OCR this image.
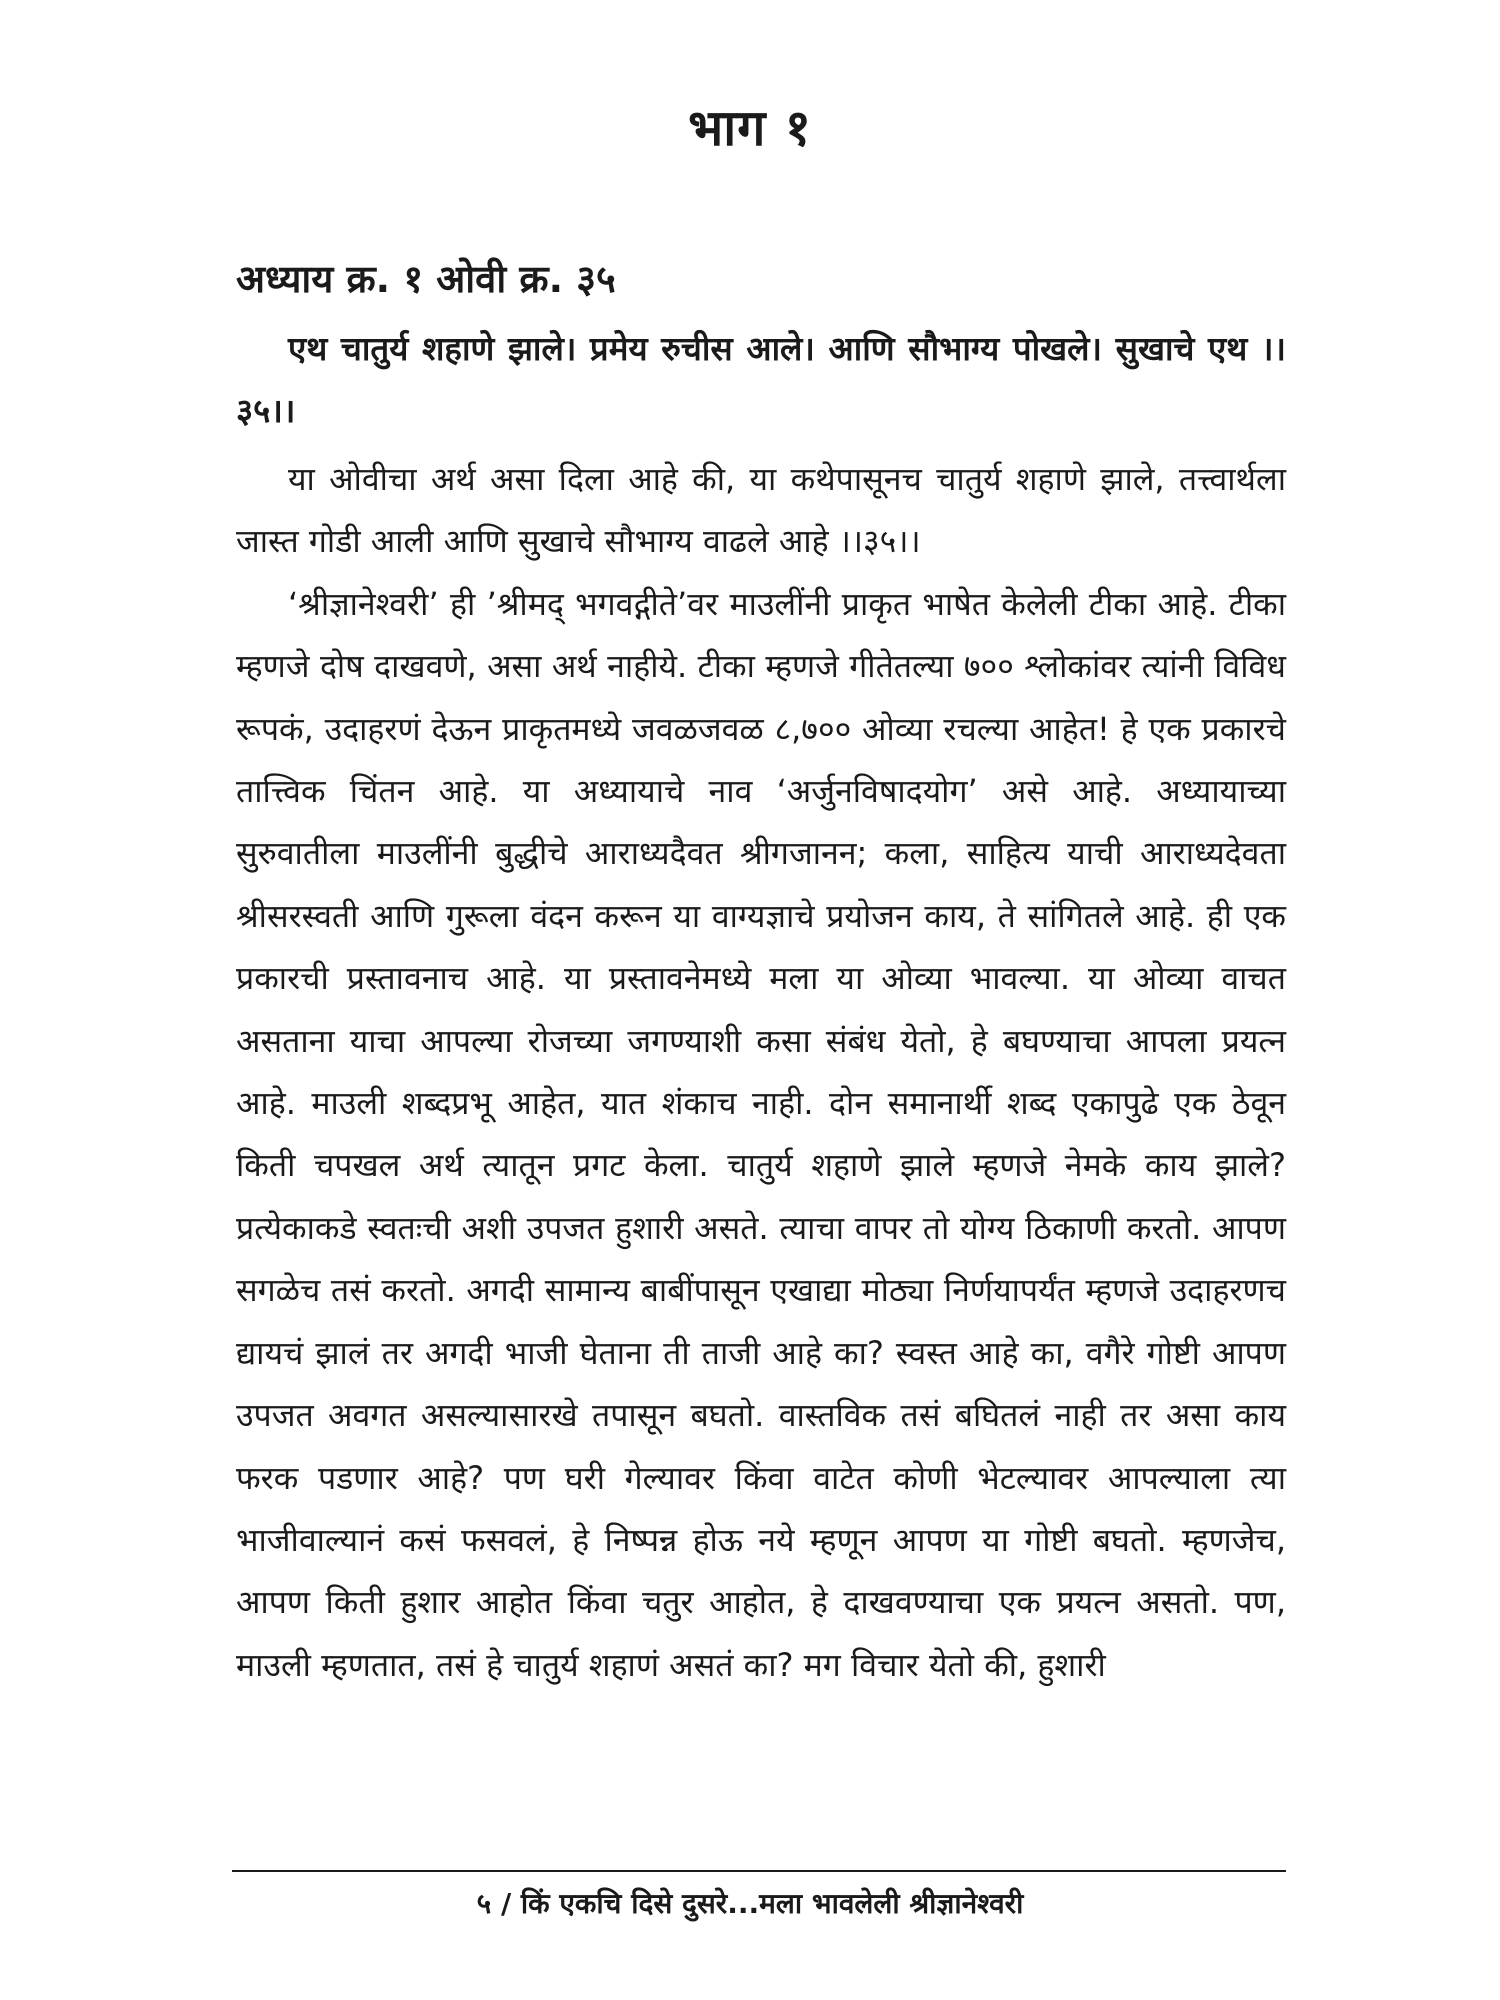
भाग १
अध्याय क्र. १ ओवी क्र. ३५
एथ चातुर्य शहाणे झाले। प्रमेय रुचीस आले। आणि सौभाग्य पोखले। सुखाचे एथ ।।३५।।

या ओवीचा अर्थ असा दिला आहे की, या कथेपासूनच चातुर्य शहाणे झाले, तत्त्वार्थला जास्त गोडी आली आणि सुखाचे सौभाग्य वाढले आहे ।।३५।।

‘श्रीज्ञानेश्वरी’ ही ’श्रीमद् भगवद्गीते’वर माउलींनी प्राकृत भाषेत केलेली टीका आहे. टीका म्हणजे दोष दाखवणे, असा अर्थ नाहीये. टीका म्हणजे गीतेतल्या ७०० श्लोकांवर त्यांनी विविध रूपकं, उदाहरणं देऊन प्राकृतमध्ये जवळजवळ ८,७०० ओव्या रचल्या आहेत! हे एक प्रकारचे तात्त्विक चिंतन आहे. या अध्यायाचे नाव ‘अर्जुनविषादयोग’ असे आहे. अध्यायाच्या सुरुवातीला माउलींनी बुद्धीचे आराध्यदैवत श्रीगजानन; कला, साहित्य याची आराध्यदेवता श्रीसरस्वती आणि गुरूला वंदन करून या वाग्यज्ञाचे प्रयोजन काय, ते सांगितले आहे. ही एक प्रकारची प्रस्तावनाच आहे. या प्रस्तावनेमध्ये मला या ओव्या भावल्या. या ओव्या वाचत असताना याचा आपल्या रोजच्या जगण्याशी कसा संबंध येतो, हे बघण्याचा आपला प्रयत्न आहे. माउली शब्दप्रभू आहेत, यात शंकाच नाही. दोन समानार्थी शब्द एकापुढे एक ठेवून किती चपखल अर्थ त्यातून प्रगट केला. चातुर्य शहाणे झाले म्हणजे नेमके काय झाले? प्रत्येकाकडे स्वतःची अशी उपजत हुशारी असते. त्याचा वापर तो योग्य ठिकाणी करतो. आपण सगळेच तसं करतो. अगदी सामान्य बाबींपासून एखाद्या मोठ्या निर्णयापर्यंत म्हणजे उदाहरणच द्यायचं झालं तर अगदी भाजी घेताना ती ताजी आहे का? स्वस्त आहे का, वगैरे गोष्टी आपण उपजत अवगत असल्यासारखे तपासून बघतो. वास्तविक तसं बघितलं नाही तर असा काय फरक पडणार आहे? पण घरी गेल्यावर किंवा वाटेत कोणी भेटल्यावर आपल्याला त्या भाजीवाल्यानं कसं फसवलं, हे निष्पन्न होऊ नये म्हणून आपण या गोष्टी बघतो. म्हणजेच, आपण किती हुशार आहोत किंवा चतुर आहोत, हे दाखवण्याचा एक प्रयत्न असतो. पण, माउली म्हणतात, तसं हे चातुर्य शहाणं असतं का? मग विचार येतो की, हुशारी

५ / किं एकचि दिसे दुसरे...मला भावलेली श्रीज्ञानेश्वरी
